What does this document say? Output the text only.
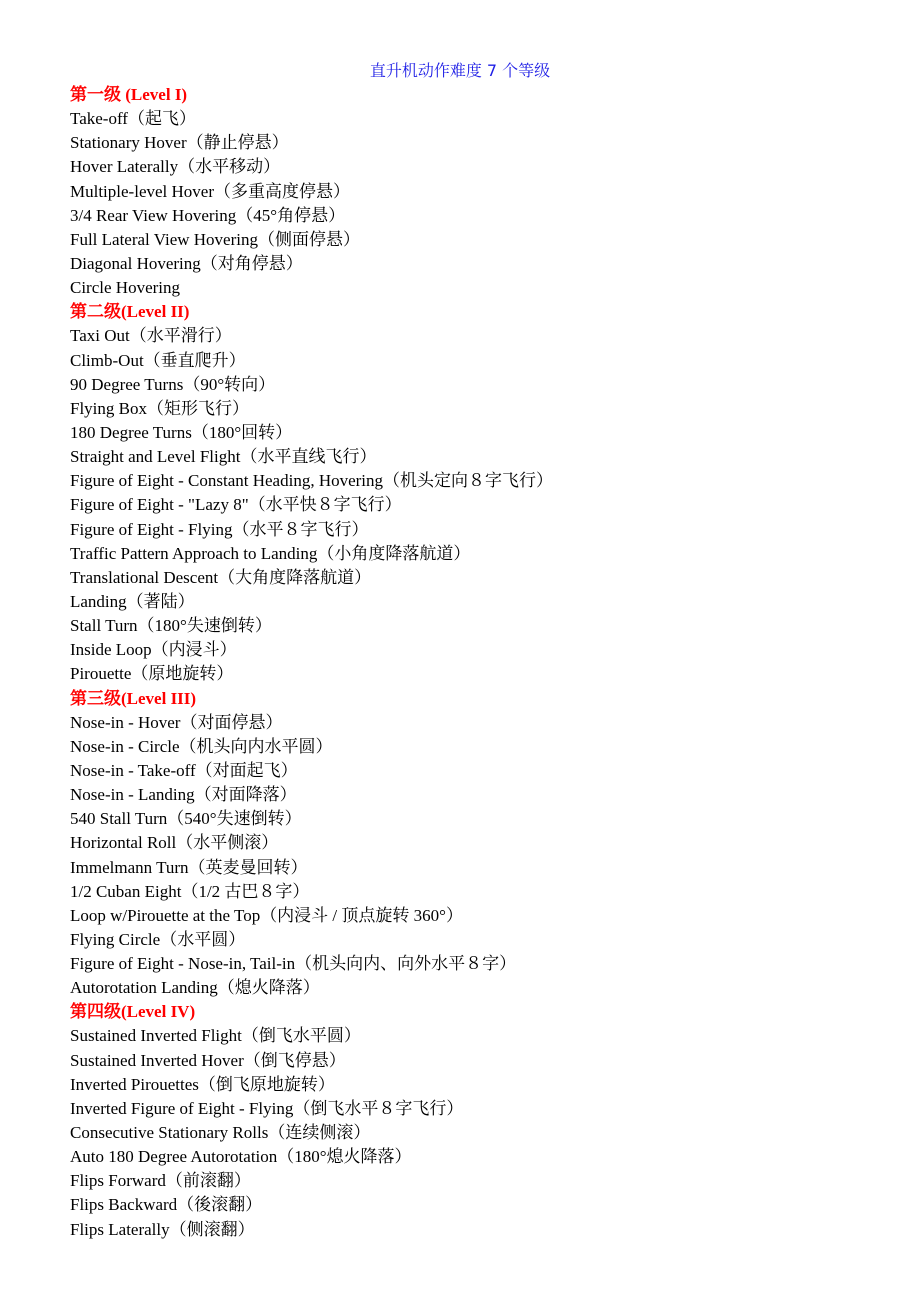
直升机动作难度 7 个等级
第一级 (Level I)
Take-off（起飞）
Stationary Hover（静止停悬）
Hover Laterally（水平移动）
Multiple-level Hover（多重高度停悬）
3/4 Rear View Hovering（45°角停悬）
Full Lateral View Hovering（侧面停悬）
Diagonal Hovering（对角停悬）
Circle Hovering
第二级(Level II)
Taxi Out（水平滑行）
Climb-Out（垂直爬升）
90 Degree Turns（90°转向）
Flying Box（矩形飞行）
180 Degree Turns（180°回转）
Straight and Level Flight（水平直线飞行）
Figure of Eight - Constant Heading, Hovering（机头定向８字飞行）
Figure of Eight - "Lazy 8"（水平快８字飞行）
Figure of Eight - Flying（水平８字飞行）
Traffic Pattern Approach to Landing（小角度降落航道）
Translational Descent（大角度降落航道）
Landing（著陆）
Stall Turn（180°失速倒转）
Inside Loop（内浸斗）
Pirouette（原地旋转）
第三级(Level III)
Nose-in - Hover（对面停悬）
Nose-in - Circle（机头向内水平圆）
Nose-in - Take-off（对面起飞）
Nose-in - Landing（对面降落）
540 Stall Turn（540°失速倒转）
Horizontal Roll（水平侧滚）
Immelmann Turn（英麦曼回转）
1/2 Cuban Eight（1/2 古巴８字）
Loop w/Pirouette at the Top（内浸斗 / 顶点旋转 360°）
Flying Circle（水平圆）
Figure of Eight - Nose-in, Tail-in（机头向内、向外水平８字）
Autorotation Landing（熄火降落）
第四级(Level IV)
Sustained Inverted Flight（倒飞水平圆）
Sustained Inverted Hover（倒飞停悬）
Inverted Pirouettes（倒飞原地旋转）
Inverted Figure of Eight - Flying（倒飞水平８字飞行）
Consecutive Stationary Rolls（连续侧滚）
Auto 180 Degree Autorotation（180°熄火降落）
Flips Forward（前滚翻）
Flips Backward（後滚翻）
Flips Laterally（侧滚翻）
